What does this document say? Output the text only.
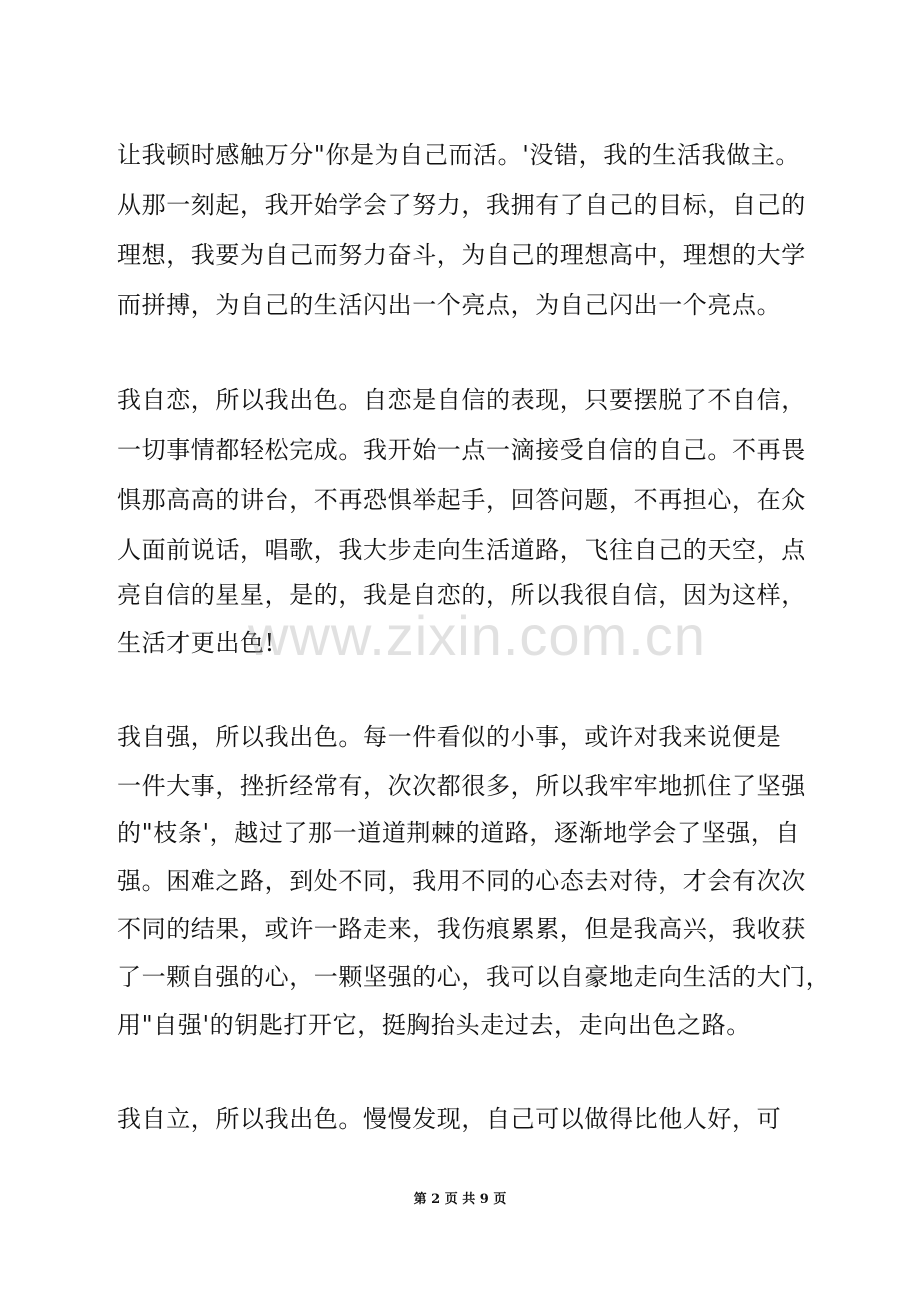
让我顿时感触万分"你是为自己而活。'没错，我的生活我做主。
从那一刻起，我开始学会了努力，我拥有了自己的目标，自己的
理想，我要为自己而努力奋斗，为自己的理想高中，理想的大学
而拼搏，为自己的生活闪出一个亮点，为自己闪出一个亮点。
我自恋，所以我出色。自恋是自信的表现，只要摆脱了不自信，
一切事情都轻松完成。我开始一点一滴接受自信的自己。不再畏
惧那高高的讲台，不再恐惧举起手，回答问题，不再担心，在众
人面前说话，唱歌，我大步走向生活道路，飞往自己的天空，点
亮自信的星星，是的，我是自恋的，所以我很自信，因为这样，
生活才更出色!
www.zixin.com.cn
我自强，所以我出色。每一件看似的小事，或许对我来说便是
一件大事，挫折经常有，次次都很多，所以我牢牢地抓住了坚强
的"枝条'，越过了那一道道荆棘的道路，逐渐地学会了坚强，自
强。困难之路，到处不同，我用不同的心态去对待，才会有次次
不同的结果，或许一路走来，我伤痕累累，但是我高兴，我收获
了一颗自强的心，一颗坚强的心，我可以自豪地走向生活的大门，
用"自强'的钥匙打开它，挺胸抬头走过去，走向出色之路。
我自立，所以我出色。慢慢发现，自己可以做得比他人好，可
第 2 页 共 9 页
